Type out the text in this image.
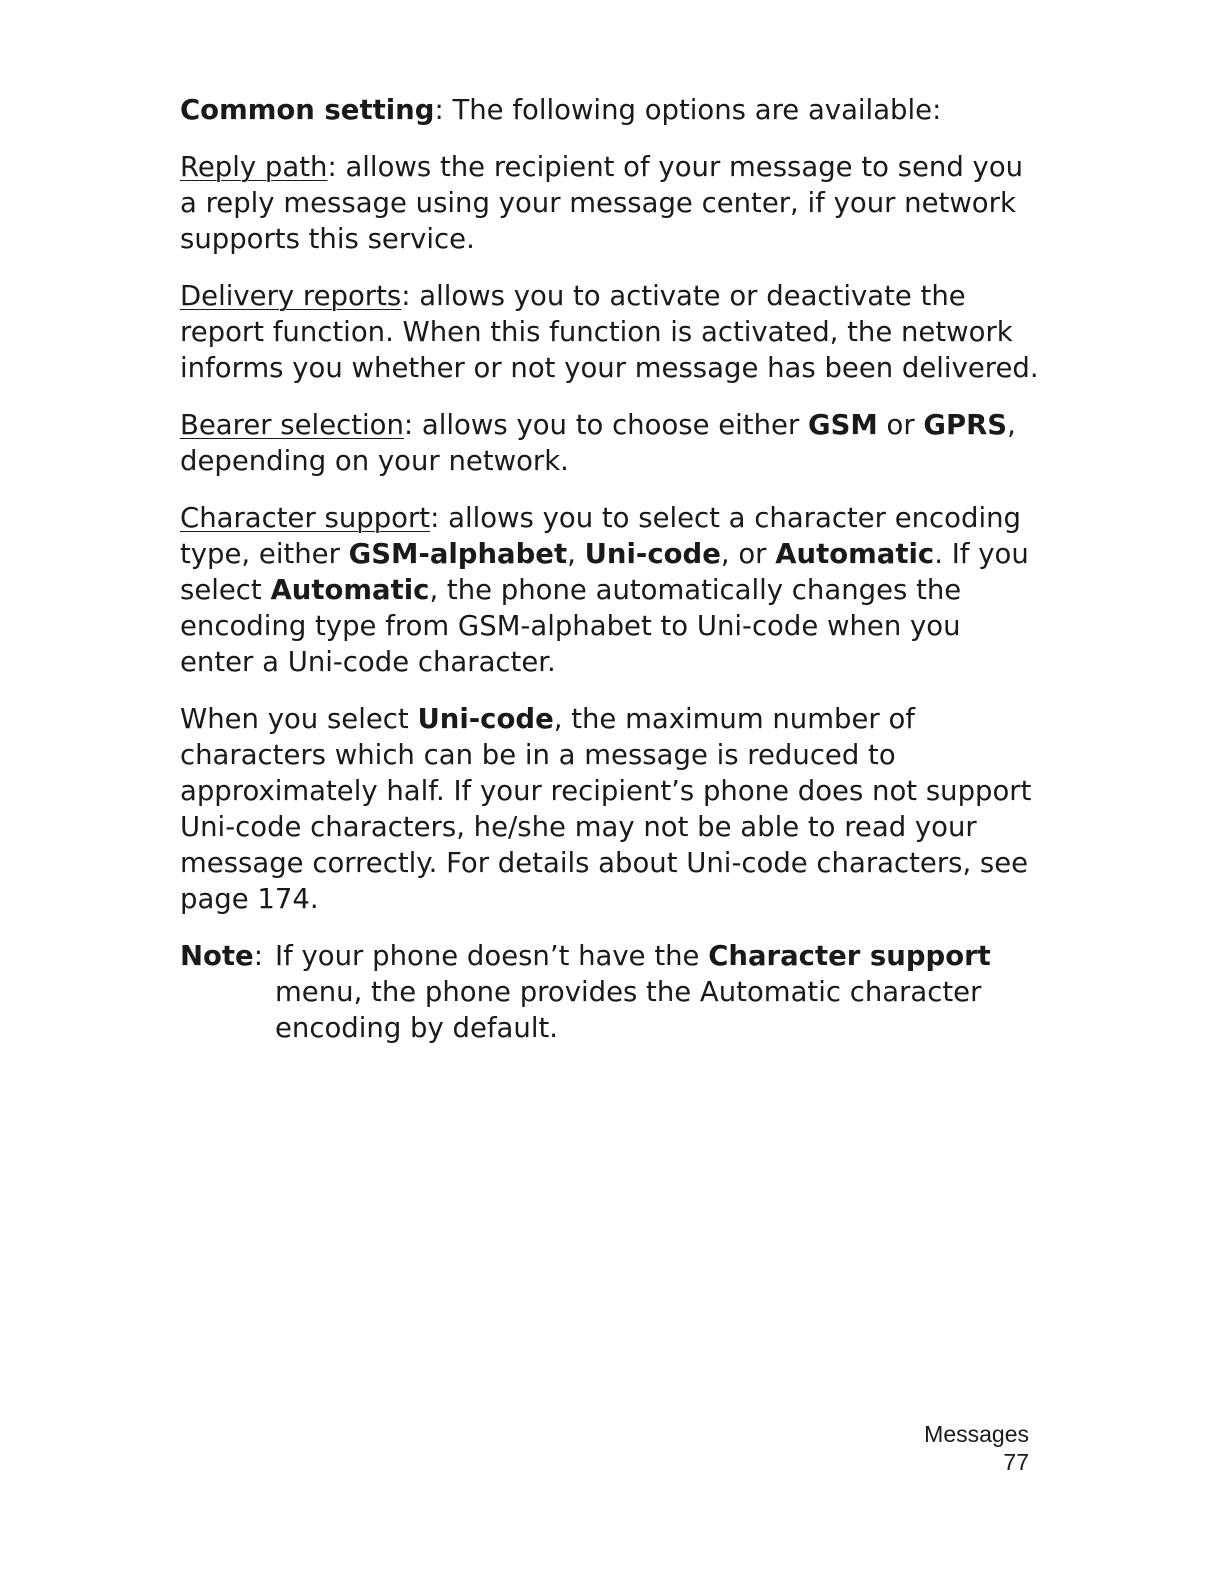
Common setting: The following options are available:

Reply path: allows the recipient of your message to send you a reply message using your message center, if your network supports this service.

Delivery reports: allows you to activate or deactivate the report function. When this function is activated, the network informs you whether or not your message has been delivered.

Bearer selection: allows you to choose either GSM or GPRS, depending on your network.

Character support: allows you to select a character encoding type, either GSM-alphabet, Uni-code, or Automatic. If you select Automatic, the phone automatically changes the encoding type from GSM-alphabet to Uni-code when you enter a Uni-code character.

When you select Uni-code, the maximum number of characters which can be in a message is reduced to approximately half. If your recipient’s phone does not support Uni-code characters, he/she may not be able to read your message correctly. For details about Uni-code characters, see page 174.

Note: If your phone doesn’t have the Character support menu, the phone provides the Automatic character encoding by default.
Messages
77
